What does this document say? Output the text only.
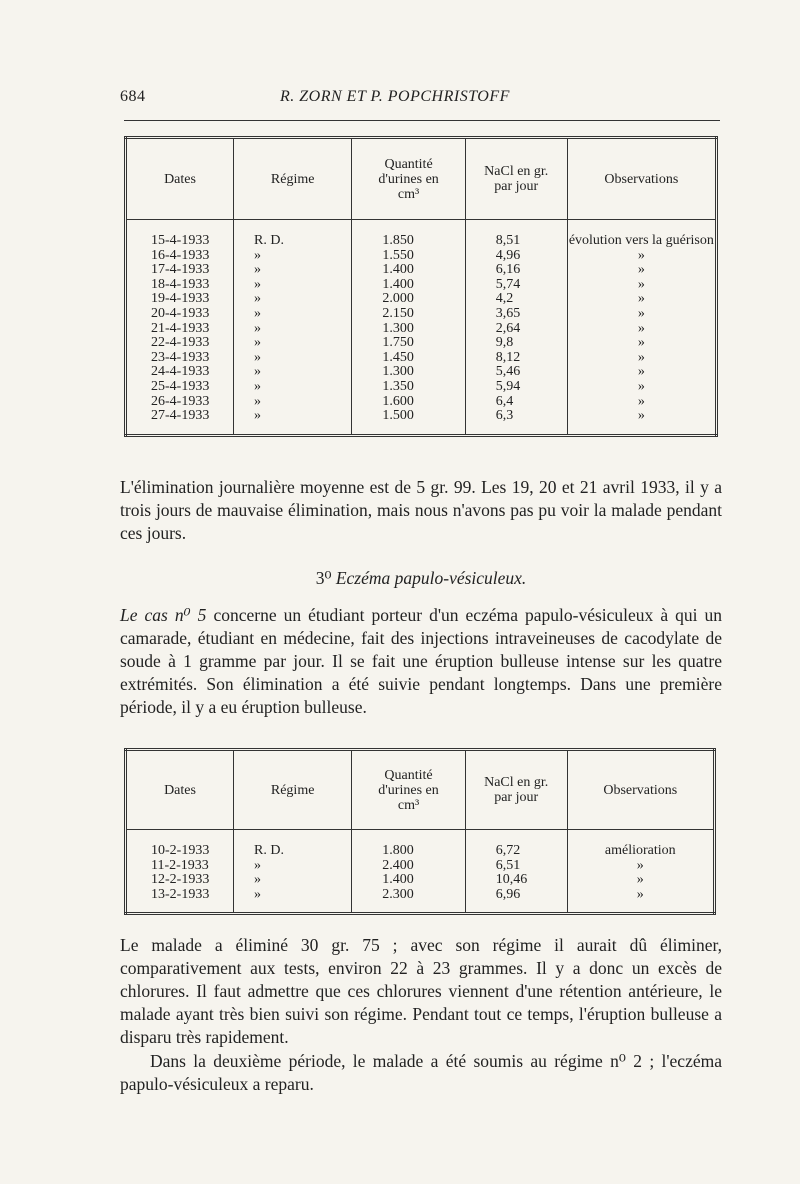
684	R. ZORN ET P. POPCHRISTOFF
Dates	Régime	Quantité d'urines en cm³	NaCl en gr. par jour	Observations
15-4-1933	R. D.	1.850	8,51	évolution vers la guérison
16-4-1933	»	1.550	4,96	»
17-4-1933	»	1.400	6,16	»
18-4-1933	»	1.400	5,74	»
19-4-1933	»	2.000	4,2	»
20-4-1933	»	2.150	3,65	»
21-4-1933	»	1.300	2,64	»
22-4-1933	»	1.750	9,8	»
23-4-1933	»	1.450	8,12	»
24-4-1933	»	1.300	5,46	»
25-4-1933	»	1.350	5,94	»
26-4-1933	»	1.600	6,4	»
27-4-1933	»	1.500	6,3	»

L'élimination journalière moyenne est de 5 gr. 99. Les 19, 20 et 21 avril 1933, il y a trois jours de mauvaise élimination, mais nous n'avons pas pu voir la malade pendant ces jours.

3⁰ Eczéma papulo-vésiculeux.

Le cas n⁰ 5 concerne un étudiant porteur d'un eczéma papulo-vésiculeux à qui un camarade, étudiant en médecine, fait des injections intraveineuses de cacodylate de soude à 1 gramme par jour. Il se fait une éruption bulleuse intense sur les quatre extrémités. Son élimination a été suivie pendant longtemps. Dans une première période, il y a eu éruption bulleuse.

Dates	Régime	Quantité d'urines en cm³	NaCl en gr. par jour	Observations
10-2-1933	R. D.	1.800	6,72	amélioration
11-2-1933	»	2.400	6,51	»
12-2-1933	»	1.400	10,46	»
13-2-1933	»	2.300	6,96	»

Le malade a éliminé 30 gr. 75 ; avec son régime il aurait dû éliminer, comparativement aux tests, environ 22 à 23 grammes. Il y a donc un excès de chlorures. Il faut admettre que ces chlorures viennent d'une rétention antérieure, le malade ayant très bien suivi son régime. Pendant tout ce temps, l'éruption bulleuse a disparu très rapidement.

Dans la deuxième période, le malade a été soumis au régime n⁰ 2 ; l'eczéma papulo-vésiculeux a reparu.
